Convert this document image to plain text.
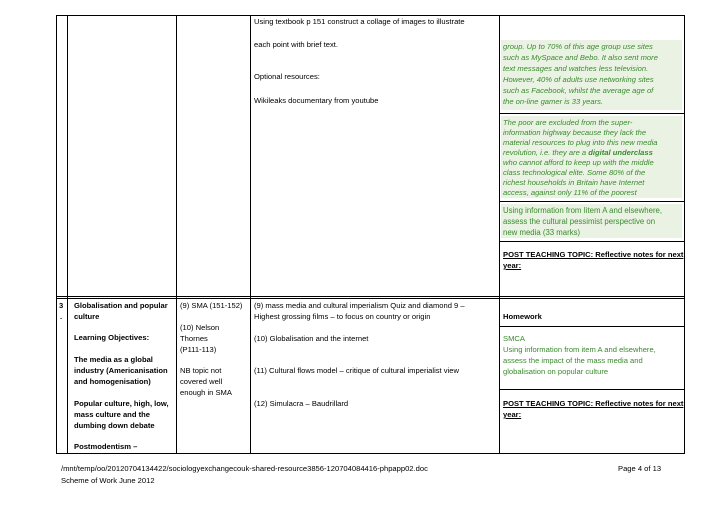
Using textbook p 151 construct a collage of images to illustrate
each point with brief text.
Optional resources:
Wikileaks documentary from youtube
group. Up to 70% of this age group use sites
such as MySpace and Bebo. It also sent more
text messages and watches less television.
However, 40% of adults use networking sites
such as Facebook, whilst the average age of
the on-line gamer is 33 years.
The poor are excluded from the super-
information highway because they lack the
material resources to plug into this new media
revolution, i.e. they are a digital underclass
who cannot afford to keep up with the middle
class technological elite. Some 80% of the
richest households in Britain have Internet
access, against only 11% of the poorest
Using information from Iitem A and elsewhere,
assess the cultural pessimist perspective on
new media (33 marks)
POST TEACHING TOPIC: Reflective notes for next
year:
3
.
Globalisation and popular
culture
Learning Objectives:
The media as a global
industry (Americanisation
and homogenisation)
Popular culture, high, low,
mass culture and the
dumbing down debate
Postmodentism –
(9) SMA (151-152)
(10) Nelson
Thornes
(P111-113)
NB topic not
covered well
enough in SMA
(9) mass media and cultural imperialism Quiz and diamond 9 –
Highest grossing films – to focus on country or origin
(10) Globalisation and the internet
(11) Cultural flows model – critique of cultural imperialist view
(12) Simulacra – Baudrillard
Homework
SMCA
Using information from item A and elsewhere,
assess the impact of the mass media and
globalisation on popular culture
POST TEACHING TOPIC: Reflective notes for next
year:
/mnt/temp/oo/20120704134422/sociologyexchangecouk-shared-resource3856-120704084416-phpapp02.doc	Page 4 of 13
Scheme of Work June 2012
